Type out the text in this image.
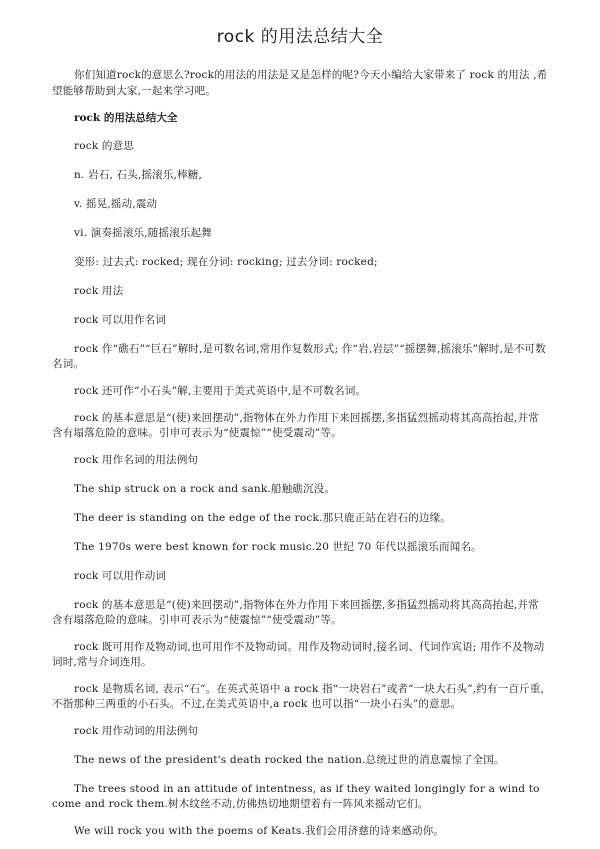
rock 的用法总结大全

你们知道rock的意思么?rock的用法的用法是又是怎样的呢?今天小编给大家带来了 rock 的用法 ,希望能够帮助到大家,一起来学习吧。

rock 的用法总结大全

rock 的意思

n. 岩石, 石头,摇滚乐,棒糖,

v. 摇晃,摇动,震动

vi. 演奏摇滚乐,随摇滚乐起舞

变形: 过去式: rocked; 现在分词: rocking; 过去分词: rocked;

rock 用法

rock 可以用作名词

rock 作“礁石”“巨石”解时,是可数名词,常用作复数形式; 作“岩,岩层”“摇摆舞,摇滚乐”解时,是不可数名词。

rock 还可作“小石头”解,主要用于美式英语中,是不可数名词。

rock 的基本意思是“(使)来回摆动”,指物体在外力作用下来回摇摆,多指猛烈摇动将其高高抬起,并常含有塌落危险的意味。引申可表示为“使震惊”“使受震动”等。

rock 用作名词的用法例句

The ship struck on a rock and sank.船触礁沉没。

The deer is standing on the edge of the rock.那只鹿正站在岩石的边缘。

The 1970s were best known for rock music.20 世纪 70 年代以摇滚乐而闻名。

rock 可以用作动词

rock 的基本意思是“(使)来回摆动”,指物体在外力作用下来回摇摆,多指猛烈摇动将其高高抬起,并常含有塌落危险的意味。引申可表示为“使震惊”“使受震动”等。

rock 既可用作及物动词,也可用作不及物动词。用作及物动词时,接名词、代词作宾语; 用作不及物动词时,常与介词连用。

rock 是物质名词, 表示“石”。在英式英语中 a rock 指“一块岩石”或者“一块大石头”,约有一百斤重,不指那种三两重的小石头。不过,在美式英语中,a rock 也可以指“一块小石头”的意思。

rock 用作动词的用法例句

The news of the president's death rocked the nation.总统过世的消息震惊了全国。

The trees stood in an attitude of intentness, as if they waited longingly for a wind to come and rock them.树木纹丝不动,仿佛热切地期望着有一阵风来摇动它们。

We will rock you with the poems of Keats.我们会用济慈的诗来感动你。
